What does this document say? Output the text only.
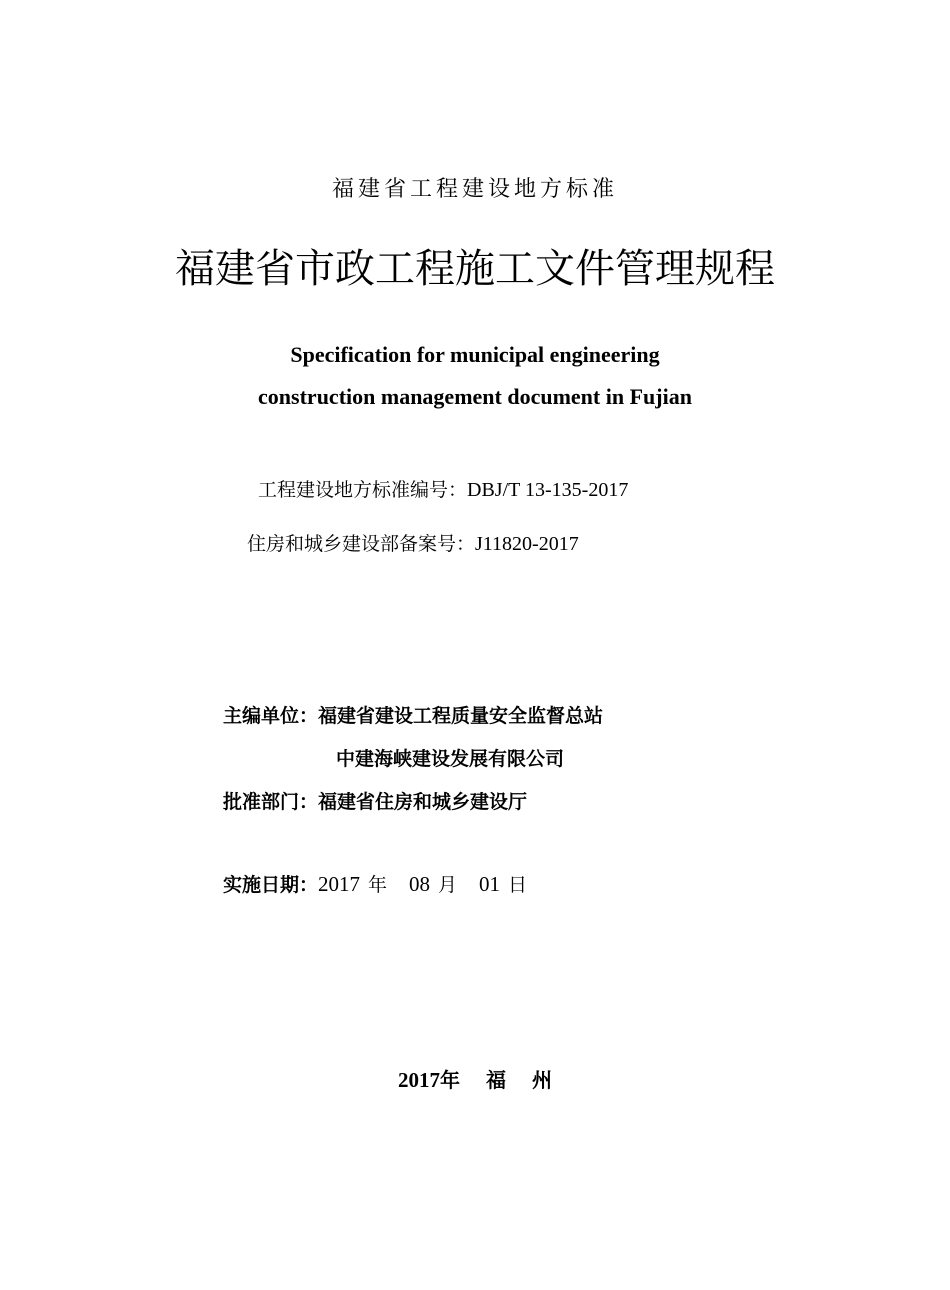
福建省工程建设地方标准
福建省市政工程施工文件管理规程
Specification for municipal engineering
construction management document in Fujian
工程建设地方标准编号：DBJ/T 13-135-2017
住房和城乡建设部备案号：J11820-2017
主编单位：福建省建设工程质量安全监督总站
中建海峡建设发展有限公司
批准部门：福建省住房和城乡建设厅
实施日期：2017 年 08 月 01 日
2017年 福 州
